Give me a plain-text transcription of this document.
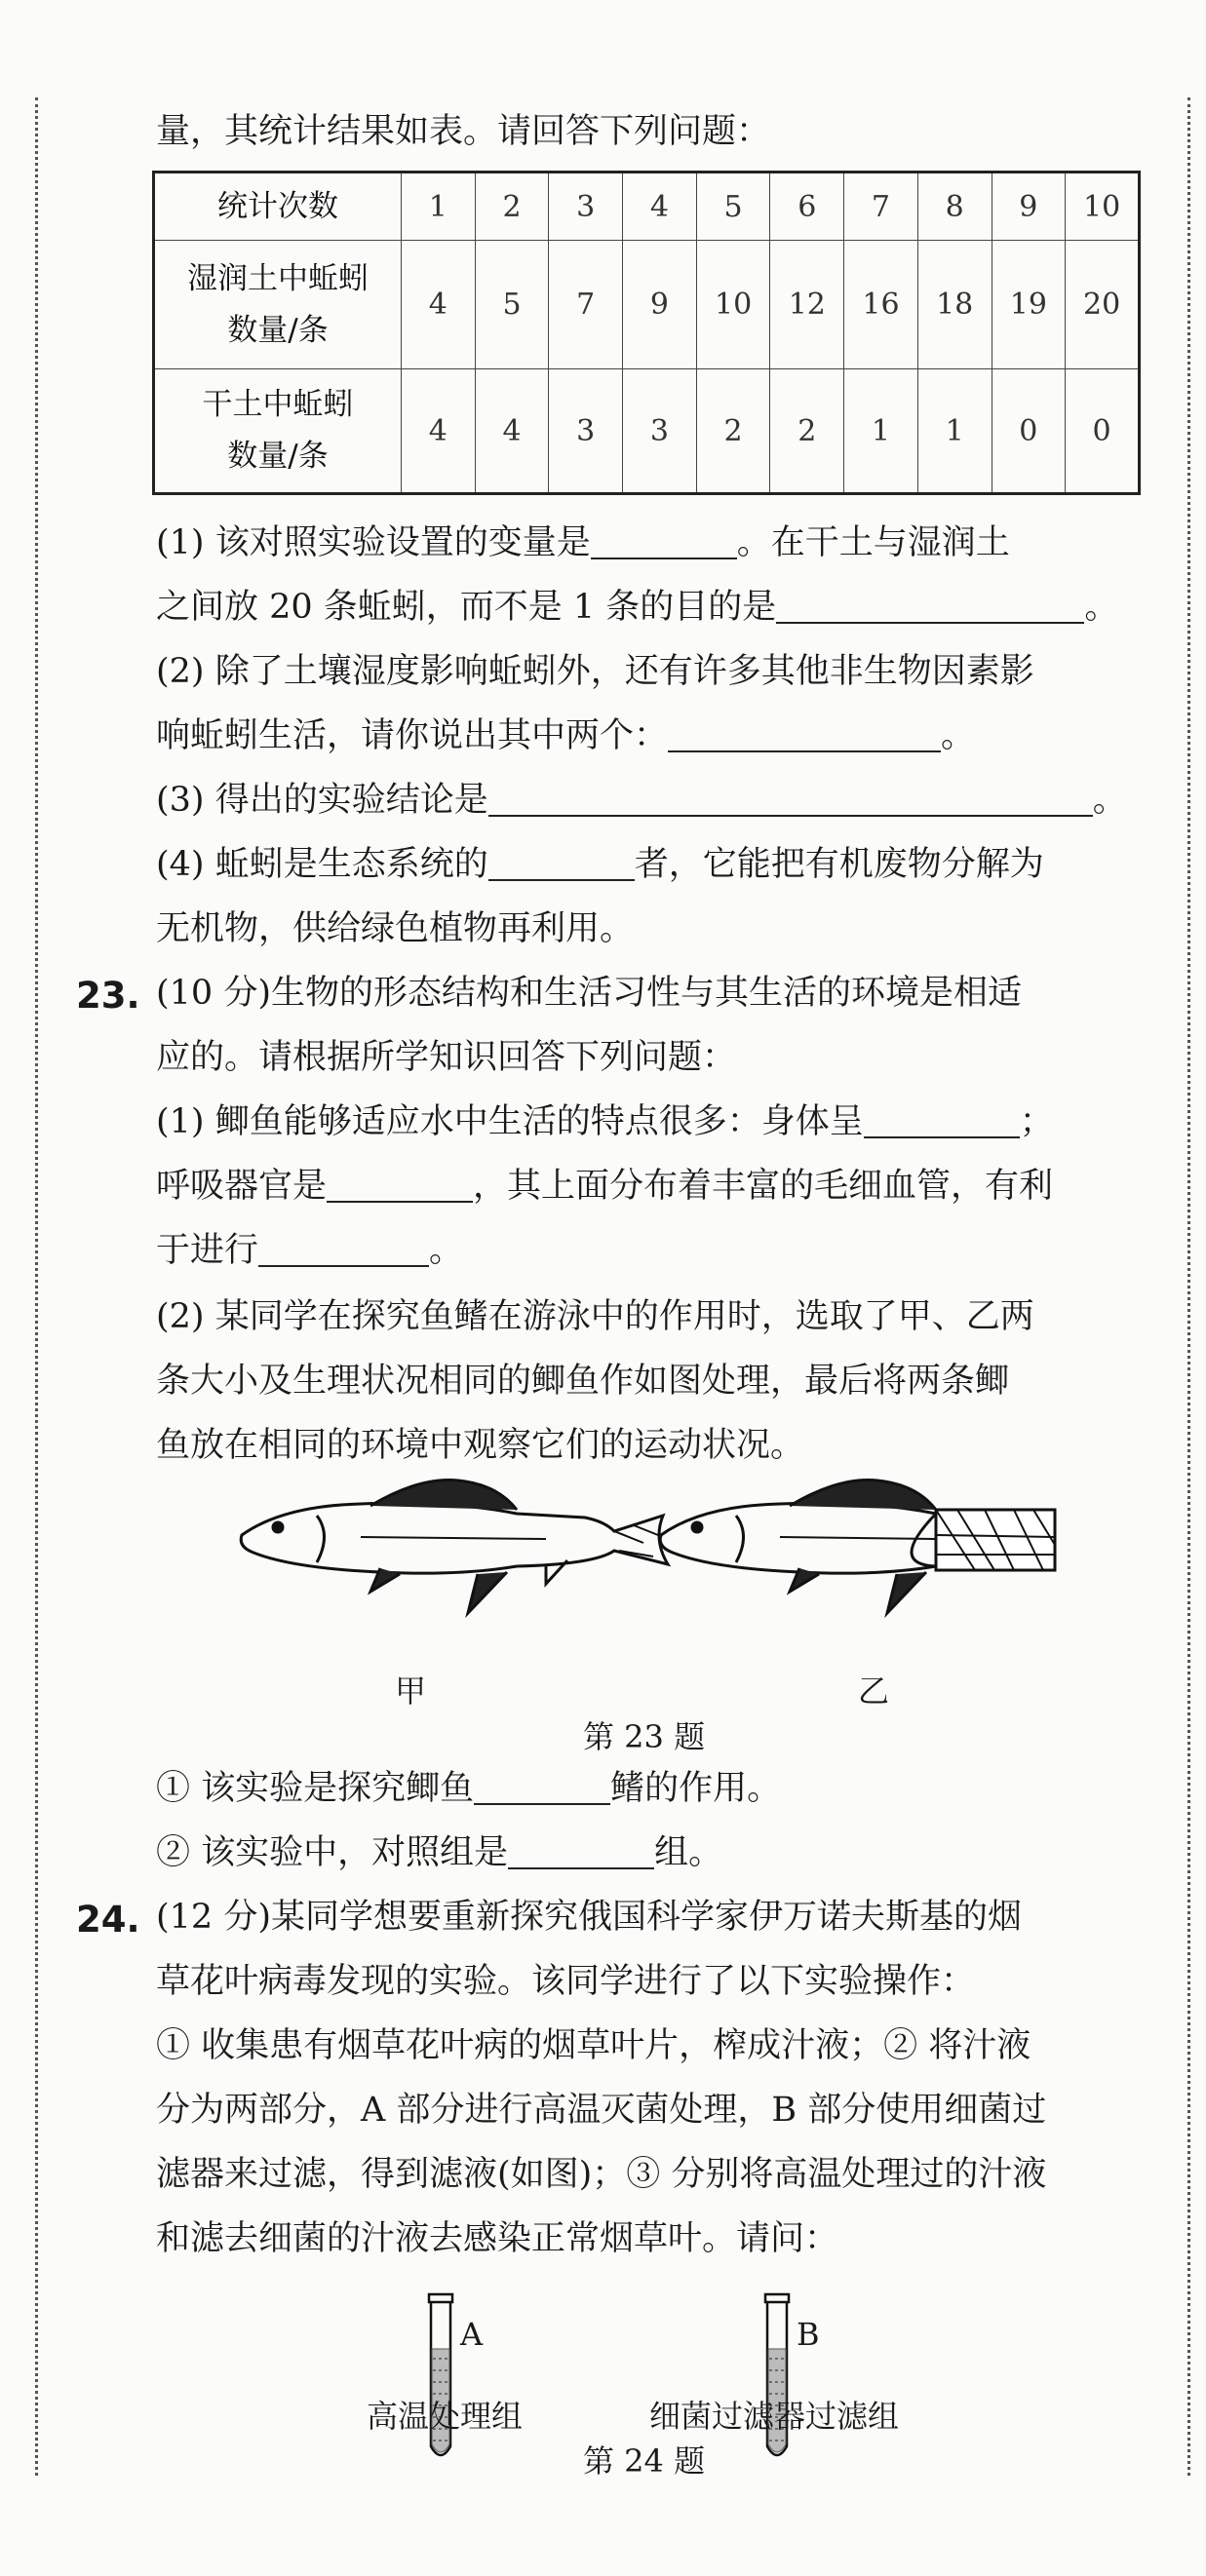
量，其统计结果如表。请回答下列问题：
统计次数	1	2	3	4	5	6	7	8	9	10
湿润土中蚯蚓
数量/条	4	5	7	9	10	12	16	18	19	20
干土中蚯蚓
数量/条	4	4	3	3	2	2	1	1	0	0
(1) 该对照实验设置的变量是	。在干土与湿润土
之间放 20 条蚯蚓，而不是 1 条的目的是	。
(2) 除了土壤湿度影响蚯蚓外，还有许多其他非生物因素影
响蚯蚓生活，请你说出其中两个：	。
(3) 得出的实验结论是	。
(4) 蚯蚓是生态系统的	者，它能把有机废物分解为
无机物，供给绿色植物再利用。
23. (10 分)生物的形态结构和生活习性与其生活的环境是相适
应的。请根据所学知识回答下列问题：
(1) 鲫鱼能够适应水中生活的特点很多：身体呈	；
呼吸器官是	，其上面分布着丰富的毛细血管，有利
于进行	。
(2) 某同学在探究鱼鳍在游泳中的作用时，选取了甲、乙两
条大小及生理状况相同的鲫鱼作如图处理，最后将两条鲫
鱼放在相同的环境中观察它们的运动状况。
甲	乙
第 23 题
① 该实验是探究鲫鱼	鳍的作用。
② 该实验中，对照组是	组。
24. (12 分)某同学想要重新探究俄国科学家伊万诺夫斯基的烟
草花叶病毒发现的实验。该同学进行了以下实验操作：
① 收集患有烟草花叶病的烟草叶片，榨成汁液；② 将汁液
分为两部分，A 部分进行高温灭菌处理，B 部分使用细菌过
滤器来过滤，得到滤液(如图)；③ 分别将高温处理过的汁液
和滤去细菌的汁液去感染正常烟草叶。请问：
A	B
高温处理组	细菌过滤器过滤组
第 24 题
